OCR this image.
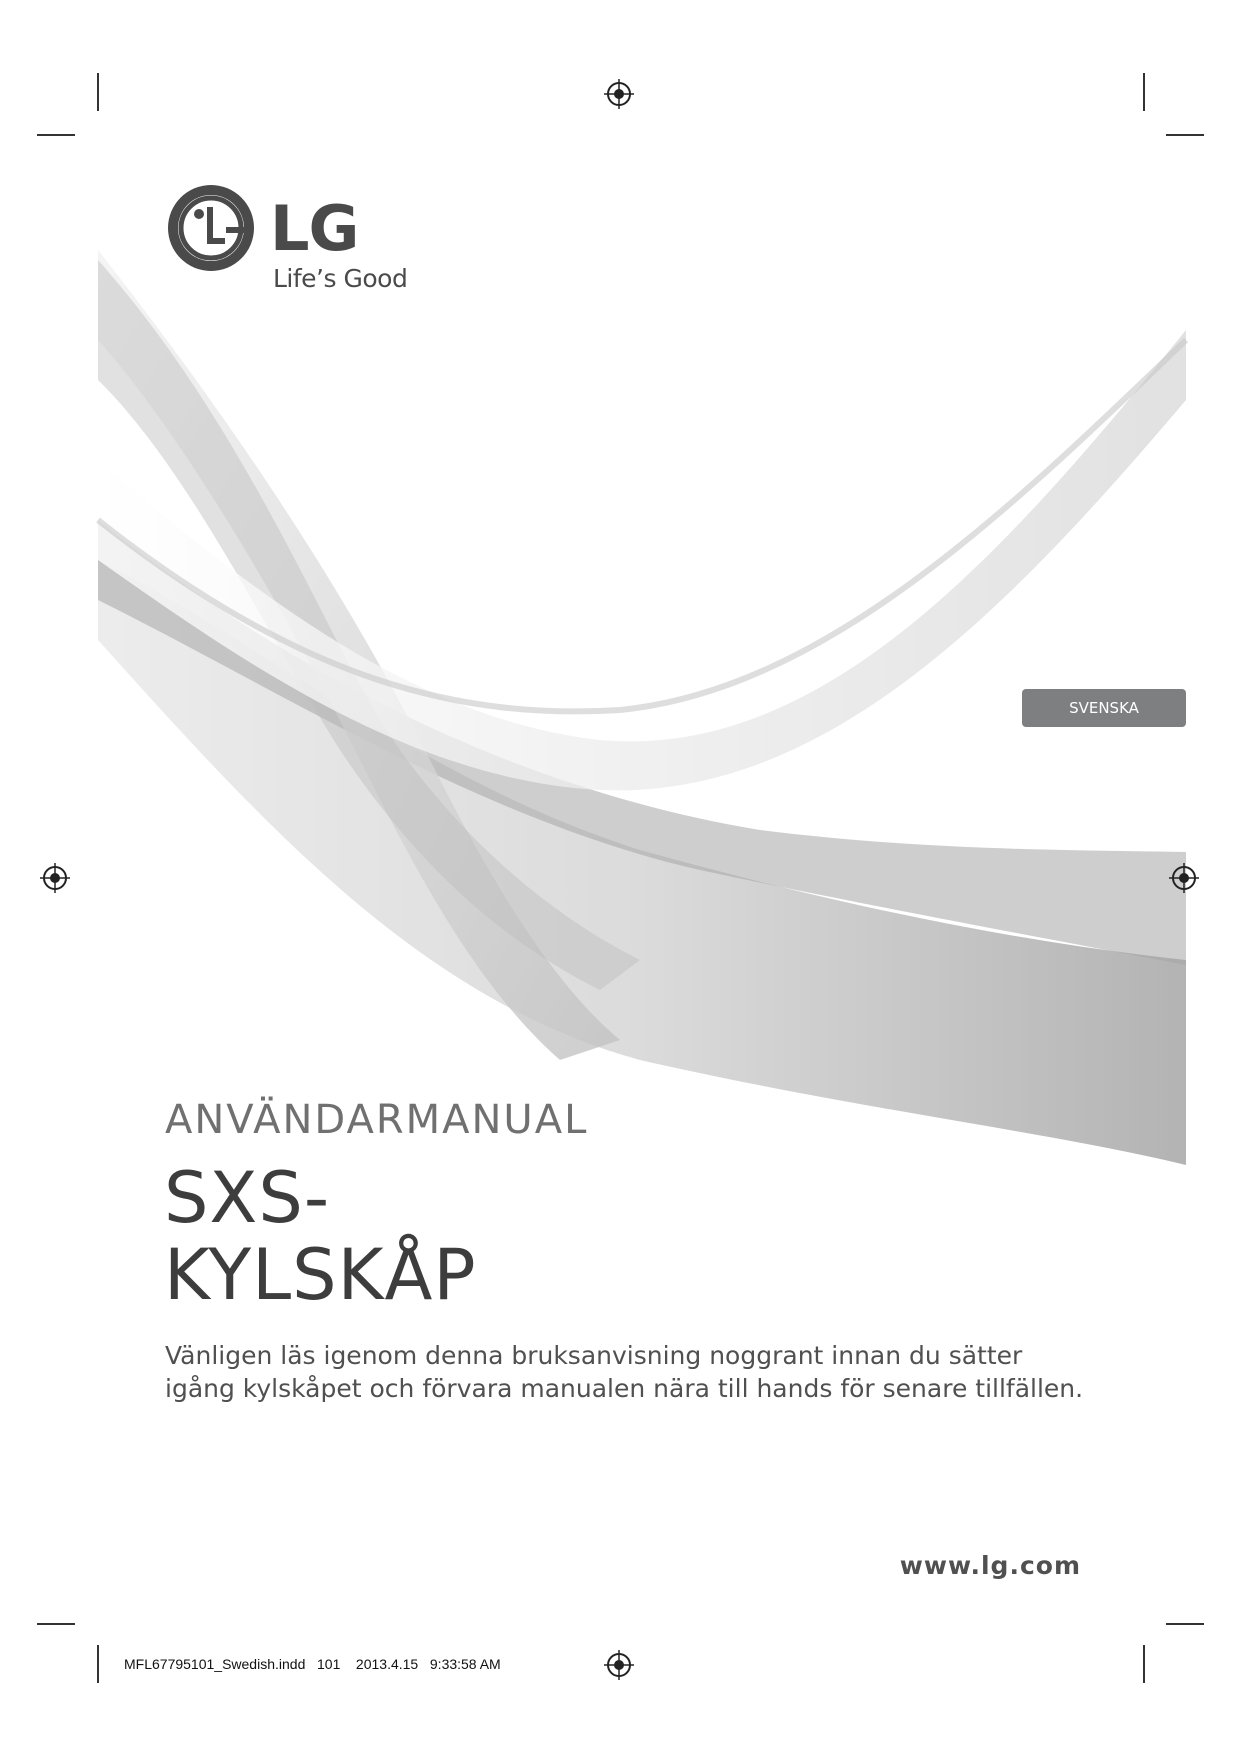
LG
Life’s Good
SVENSKA
ANVÄNDARMANUAL
SXS-
KYLSKÅP
Vänligen läs igenom denna bruksanvisning noggrant innan du sätter
igång kylskåpet och förvara manualen nära till hands för senare tillfällen.
www.lg.com
MFL67795101_Swedish.indd   101    2013.4.15   9:33:58 AM
